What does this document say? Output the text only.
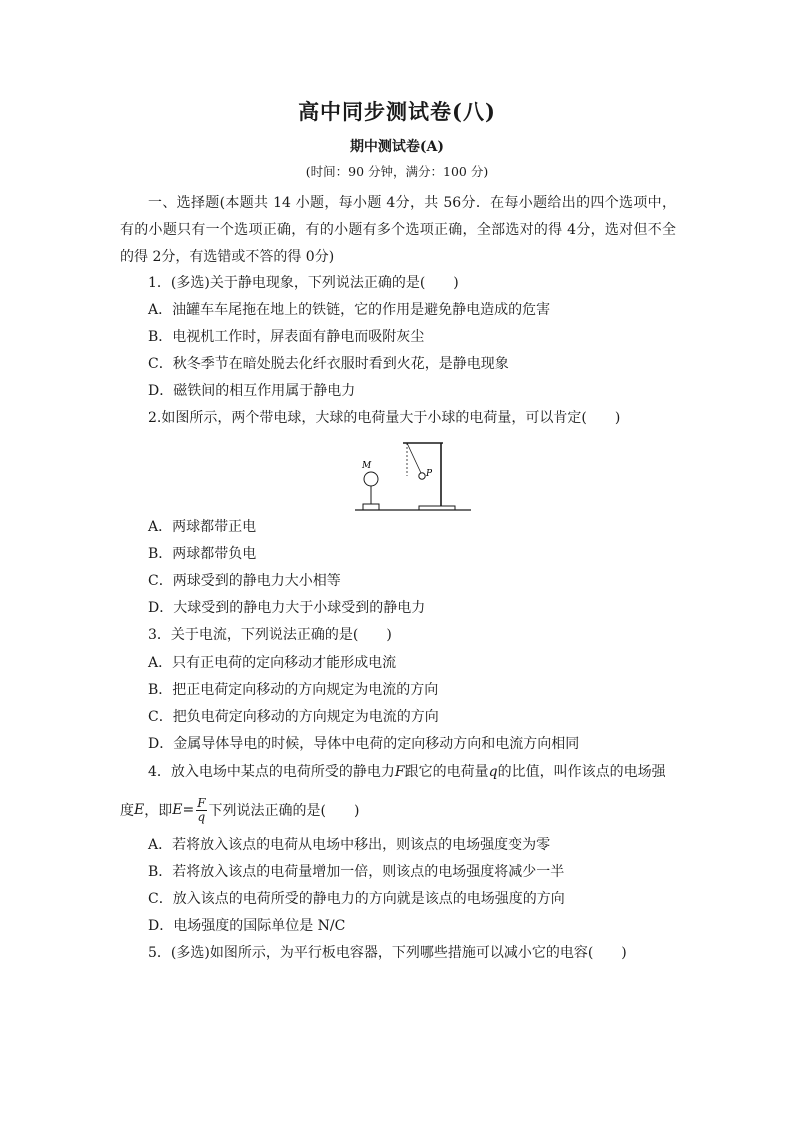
高中同步测试卷(八)
期中测试卷(A)
(时间：90 分钟，满分：100 分)
一、选择题(本题共 14 小题，每小题 4分，共 56分．在每小题给出的四个选项中，有的小题只有一个选项正确，有的小题有多个选项正确，全部选对的得 4分，选对但不全的得 2分，有选错或不答的得 0分)
1．(多选)关于静电现象，下列说法正确的是(　　)
A．油罐车车尾拖在地上的铁链，它的作用是避免静电造成的危害
B．电视机工作时，屏表面有静电而吸附灰尘
C．秋冬季节在暗处脱去化纤衣服时看到火花，是静电现象
D．磁铁间的相互作用属于静电力
2.如图所示，两个带电球，大球的电荷量大于小球的电荷量，可以肯定(　　)
M
P
A．两球都带正电
B．两球都带负电
C．两球受到的静电力大小相等
D．大球受到的静电力大于小球受到的静电力
3．关于电流，下列说法正确的是(　　)
A．只有正电荷的定向移动才能形成电流
B．把正电荷定向移动的方向规定为电流的方向
C．把负电荷定向移动的方向规定为电流的方向
D．金属导体导电的时候，导体中电荷的定向移动方向和电流方向相同
4．放入电场中某点的电荷所受的静电力F跟它的电荷量q的比值，叫作该点的电场强
度 E ，即 $E= \frac{F}{q}$ 下列说法正确的是(　　)
A．若将放入该点的电荷从电场中移出，则该点的电场强度变为零
B．若将放入该点的电荷量增加一倍，则该点的电场强度将减少一半
C．放入该点的电荷所受的静电力的方向就是该点的电场强度的方向
D．电场强度的国际单位是 N/C
5．(多选)如图所示，为平行板电容器，下列哪些措施可以减小它的电容(　　)
